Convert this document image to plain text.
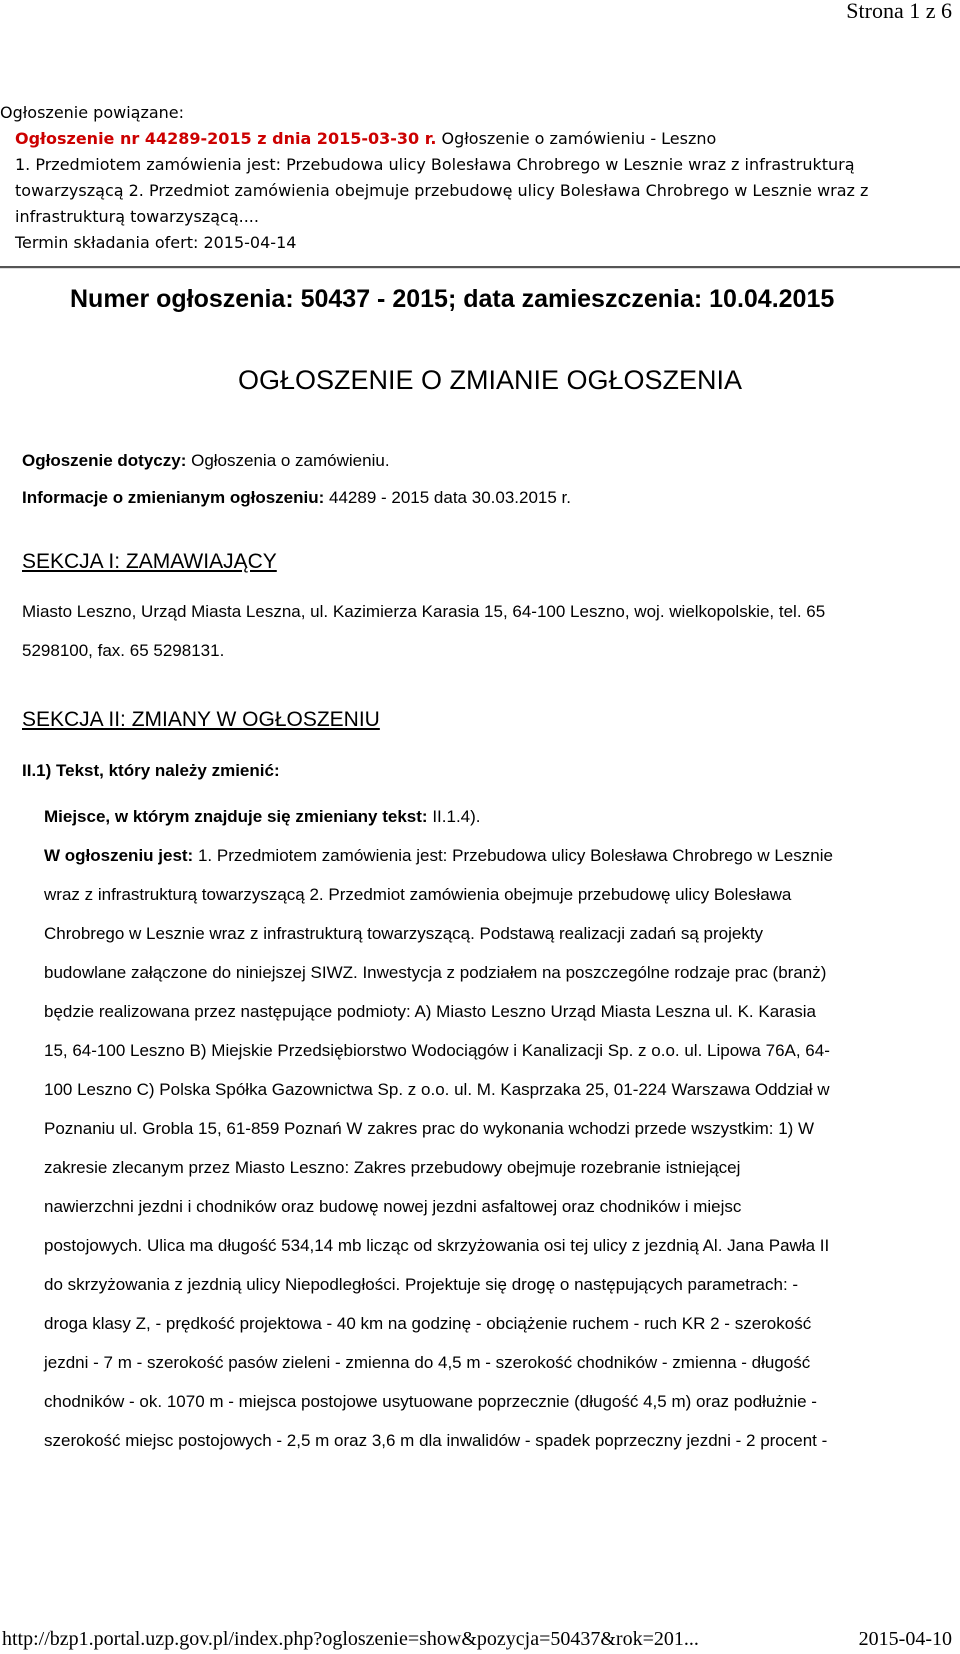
Strona 1 z 6
Ogłoszenie powiązane:
Ogłoszenie nr 44289-2015 z dnia 2015-03-30 r. Ogłoszenie o zamówieniu - Leszno
1. Przedmiotem zamówienia jest: Przebudowa ulicy Bolesława Chrobrego w Lesznie wraz z infrastrukturą
towarzyszącą 2. Przedmiot zamówienia obejmuje przebudowę ulicy Bolesława Chrobrego w Lesznie wraz z
infrastrukturą towarzyszącą....
Termin składania ofert: 2015-04-14
Numer ogłoszenia: 50437 - 2015; data zamieszczenia: 10.04.2015
OGŁOSZENIE O ZMIANIE OGŁOSZENIA

Ogłoszenie dotyczy: Ogłoszenia o zamówieniu.

Informacje o zmienianym ogłoszeniu: 44289 - 2015 data 30.03.2015 r.

SEKCJA I: ZAMAWIAJĄCY

Miasto Leszno, Urząd Miasta Leszna, ul. Kazimierza Karasia 15, 64-100 Leszno, woj. wielkopolskie, tel. 65

5298100, fax. 65 5298131.

SEKCJA II: ZMIANY W OGŁOSZENIU

II.1) Tekst, który należy zmienić:

Miejsce, w którym znajduje się zmieniany tekst: II.1.4).

W ogłoszeniu jest: 1. Przedmiotem zamówienia jest: Przebudowa ulicy Bolesława Chrobrego w Lesznie
wraz z infrastrukturą towarzyszącą 2. Przedmiot zamówienia obejmuje przebudowę ulicy Bolesława
Chrobrego w Lesznie wraz z infrastrukturą towarzyszącą. Podstawą realizacji zadań są projekty
budowlane załączone do niniejszej SIWZ. Inwestycja z podziałem na poszczególne rodzaje prac (branż)
będzie realizowana przez następujące podmioty: A) Miasto Leszno Urząd Miasta Leszna ul. K. Karasia
15, 64-100 Leszno B) Miejskie Przedsiębiorstwo Wodociągów i Kanalizacji Sp. z o.o. ul. Lipowa 76A, 64-
100 Leszno C) Polska Spółka Gazownictwa Sp. z o.o. ul. M. Kasprzaka 25, 01-224 Warszawa Oddział w
Poznaniu ul. Grobla 15, 61-859 Poznań W zakres prac do wykonania wchodzi przede wszystkim: 1) W
zakresie zlecanym przez Miasto Leszno: Zakres przebudowy obejmuje rozebranie istniejącej
nawierzchni jezdni i chodników oraz budowę nowej jezdni asfaltowej oraz chodników i miejsc
postojowych. Ulica ma długość 534,14 mb licząc od skrzyżowania osi tej ulicy z jezdnią Al. Jana Pawła II
do skrzyżowania z jezdnią ulicy Niepodległości. Projektuje się drogę o następujących parametrach: -
droga klasy Z, - prędkość projektowa - 40 km na godzinę - obciążenie ruchem - ruch KR 2 - szerokość
jezdni - 7 m - szerokość pasów zieleni - zmienna do 4,5 m - szerokość chodników - zmienna - długość
chodników - ok. 1070 m - miejsca postojowe usytuowane poprzecznie (długość 4,5 m) oraz podłużnie -
szerokość miejsc postojowych - 2,5 m oraz 3,6 m dla inwalidów - spadek poprzeczny jezdni - 2 procent -
http://bzp1.portal.uzp.gov.pl/index.php?ogloszenie=show&pozycja=50437&rok=201...	2015-04-10
